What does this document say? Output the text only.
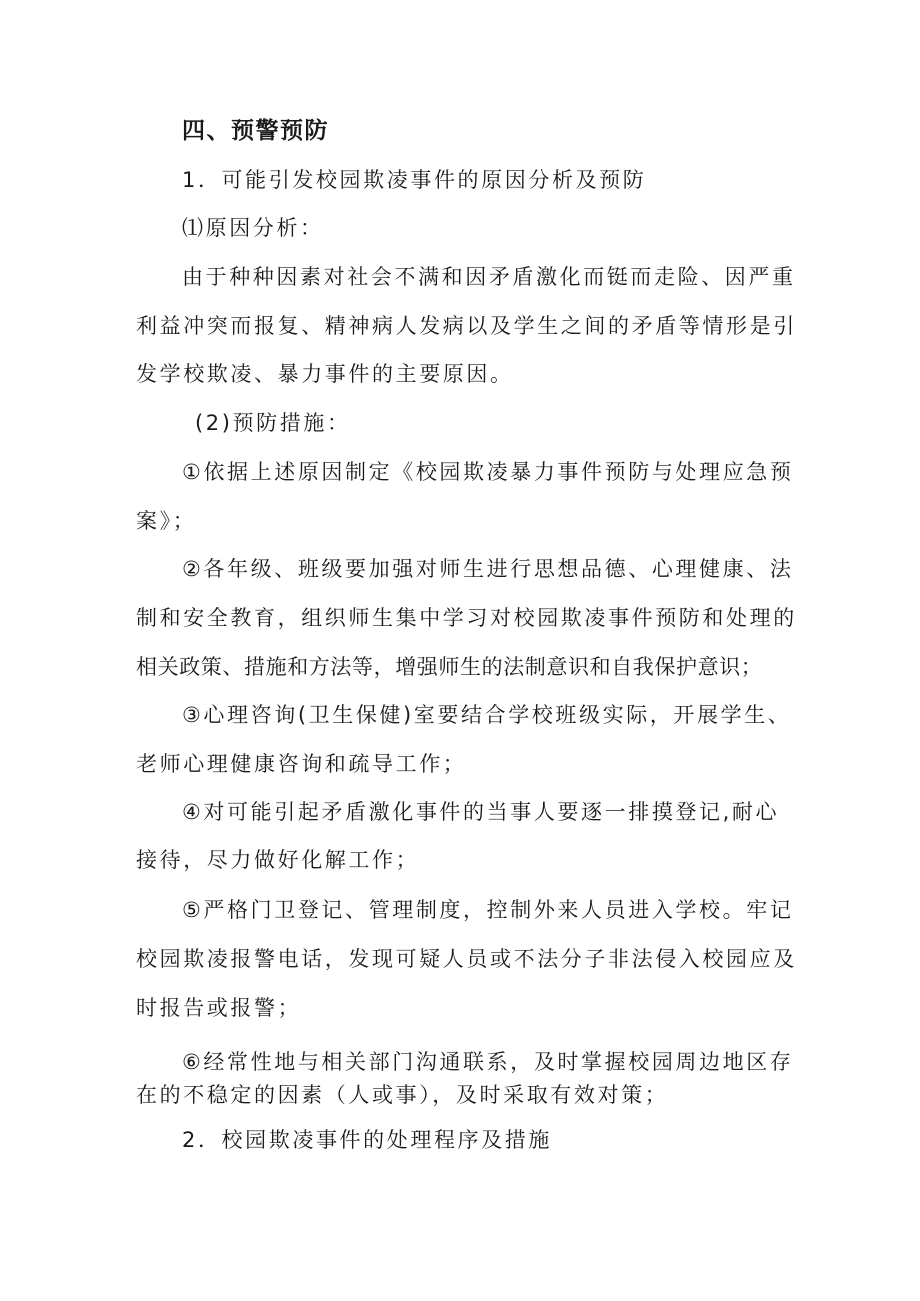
四、预警预防
1．可能引发校园欺凌事件的原因分析及预防
⑴原因分析：
由于种种因素对社会不满和因矛盾激化而铤而走险、因严重
利益冲突而报复、精神病人发病以及学生之间的矛盾等情形是引
发学校欺凌、暴力事件的主要原因。
(2)预防措施：
①依据上述原因制定《校园欺凌暴力事件预防与处理应急预
案》；
②各年级、班级要加强对师生进行思想品德、心理健康、法
制和安全教育，组织师生集中学习对校园欺凌事件预防和处理的
相关政策、措施和方法等，增强师生的法制意识和自我保护意识；
③心理咨询(卫生保健)室要结合学校班级实际，开展学生、
老师心理健康咨询和疏导工作；
④对可能引起矛盾激化事件的当事人要逐一排摸登记,耐心
接待，尽力做好化解工作；
⑤严格门卫登记、管理制度，控制外来人员进入学校。牢记
校园欺凌报警电话，发现可疑人员或不法分子非法侵入校园应及
时报告或报警；
⑥经常性地与相关部门沟通联系，及时掌握校园周边地区存
在的不稳定的因素（人或事），及时采取有效对策；
2．校园欺凌事件的处理程序及措施
